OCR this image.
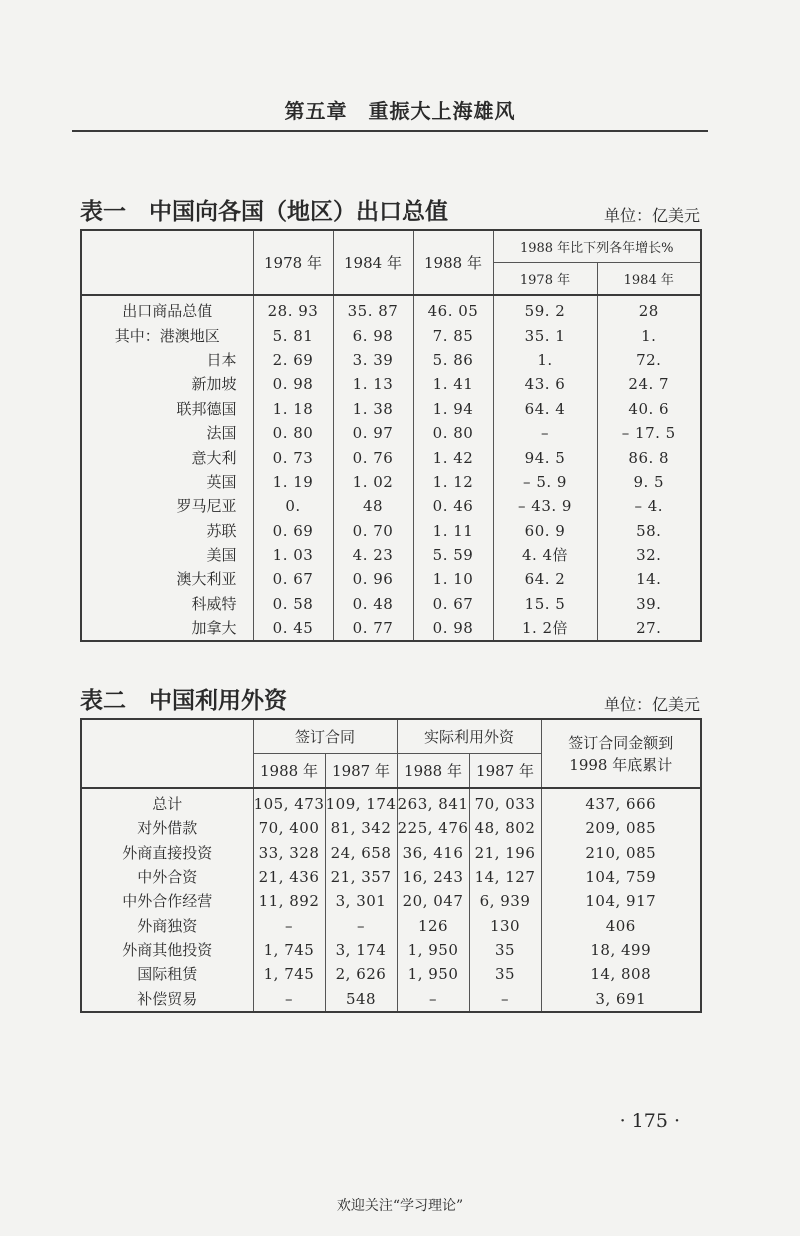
第五章　重振大上海雄风
表一　中国向各国（地区）出口总值	单位：亿美元
	1978 年	1984 年	1988 年	1988 年比下列各年增长%	
				1978 年	1984 年
出口商品总值	28. 93	35. 87	46. 05	59. 2	28
其中：港澳地区	5. 81	6. 98	7. 85	35. 1	1.
日本	2. 69	3. 39	5. 86	1.	72.
新加坡	0. 98	1. 13	1. 41	43. 6	24. 7
联邦德国	1. 18	1. 38	1. 94	64. 4	40. 6
法国	0. 80	0. 97	0. 80	–	– 17. 5
意大利	0. 73	0. 76	1. 42	94. 5	86. 8
英国	1. 19	1. 02	1. 12	– 5. 9	9. 5
罗马尼亚	0.	48	0. 46	– 43. 9	– 4.
苏联	0. 69	0. 70	1. 11	60. 9	58.
美国	1. 03	4. 23	5. 59	4. 4倍	32.
澳大利亚	0. 67	0. 96	1. 10	64. 2	14.
科威特	0. 58	0. 48	0. 67	15. 5	39.
加拿大	0. 45	0. 77	0. 98	1. 2倍	27.
表二　中国利用外资	单位：亿美元
	签订合同		实际利用外资		签订合同金额到 1998 年底累计
	1988 年	1987 年	1988 年	1987 年	
总计	105, 473	109, 174	263, 841	70, 033	437, 666
对外借款	70, 400	81, 342	225, 476	48, 802	209, 085
外商直接投资	33, 328	24, 658	36, 416	21, 196	210, 085
中外合资	21, 436	21, 357	16, 243	14, 127	104, 759
中外合作经营	11, 892	3, 301	20, 047	6, 939	104, 917
外商独资	–	–	126	130	406
外商其他投资	1, 745	3, 174	1, 950	35	18, 499
国际租赁	1, 745	2, 626	1, 950	35	14, 808
补偿贸易	–	548	–	–	3, 691
· 175 ·
欢迎关注“学习理论”
